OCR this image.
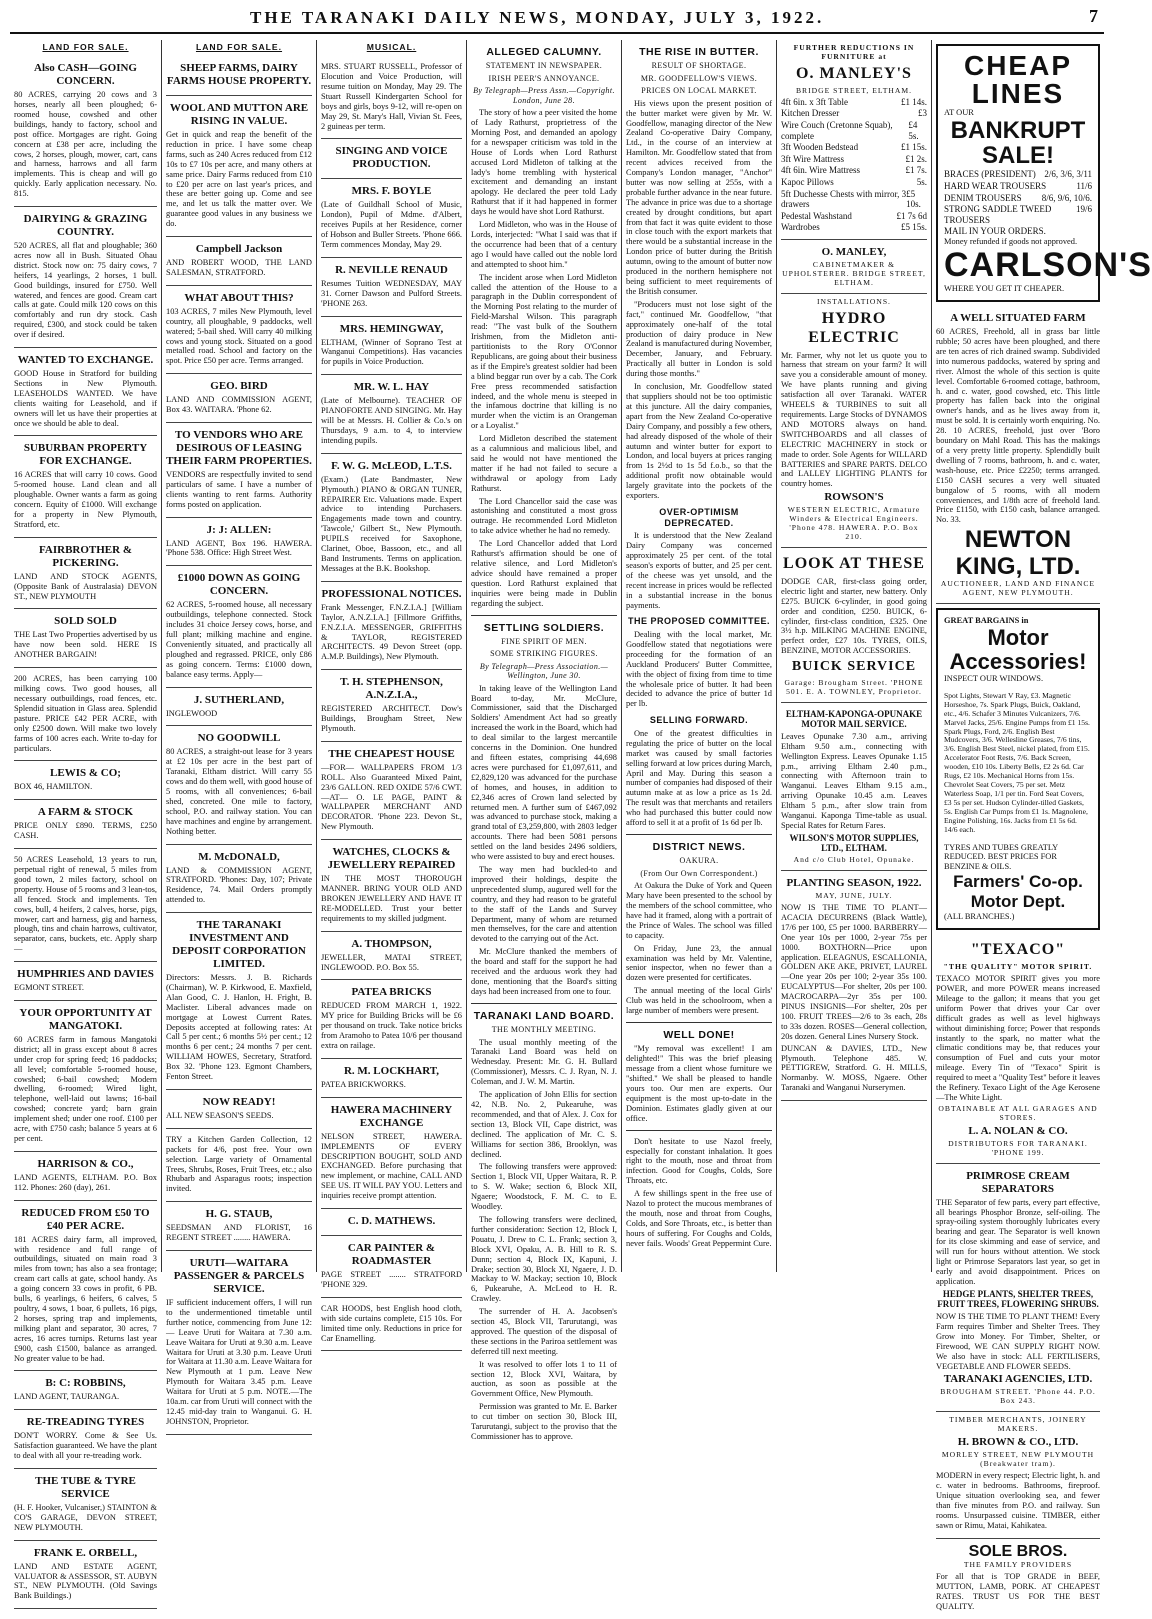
THE TARANAKI DAILY NEWS, MONDAY, JULY 3, 1922.	7
LAND FOR SALE.
Also CASH—GOING CONCERN.

80 ACRES, carrying 20 cows and 3 horses, nearly all been ploughed; 6-roomed house, cowshed and other buildings, handy to factory, school and post office. Mortgages are right. Going concern at £38 per acre, including the cows, 2 horses, plough, mower, cart, cans and harness, harrows and all farm implements. This is cheap and will go quickly. Early application necessary. No. 815.

DAIRYING & GRAZING COUNTRY.

520 ACRES, all flat and ploughable; 360 acres now all in Bush. Situated Ohau district. Stock now on: 75 dairy cows, 7 heifers, 14 yearlings, 2 horses, 1 bull. Good buildings, insured for £750. Well watered, and fences are good. Cream cart calls at gate. Could milk 120 cows on this comfortably and run dry stock. Cash required, £300, and stock could be taken over if desired.

WANTED TO EXCHANGE.

GOOD House in Stratford for building Sections in New Plymouth. LEASEHOLDS WANTED. We have clients waiting for Leasehold, and if owners will let us have their properties at once we should be able to deal.

SUBURBAN PROPERTY FOR EXCHANGE.

16 ACRES that will carry 10 cows. Good 5-roomed house. Land clean and all ploughable. Owner wants a farm as going concern. Equity of £1000. Will exchange for a property in New Plymouth, Stratford, etc.

FAIRBROTHER & PICKERING.

LAND AND STOCK AGENTS, (Opposite Bank of Australasia) DEVON ST., NEW PLYMOUTH

SOLD SOLD

THE Last Two Properties advertised by us have now been sold. HERE IS ANOTHER BARGAIN!

200 ACRES, has been carrying 100 milking cows. Two good houses, all necessary outbuildings, road fences, etc. Splendid situation in Glass area. Splendid pasture. PRICE £42 PER ACRE, with only £2500 down. Will make two lovely farms of 100 acres each. Write to-day for particulars.

LEWIS & CO;

BOX 46, HAMILTON.

A FARM & STOCK

PRICE ONLY £890. TERMS, £250 CASH.

50 ACRES Leasehold, 13 years to run, perpetual right of renewal, 5 miles from good town, 2 miles factory, school on property. House of 5 rooms and 3 lean-tos, all fenced. Stock and implements. Ten cows, bull, 4 heifers, 2 calves, horse, pigs, mower, cart and harness, gig and harness, plough, tins and chain harrows, cultivator, separator, cans, buckets, etc. Apply sharp—

HUMPHRIES AND DAVIES

EGMONT STREET.

YOUR OPPORTUNITY AT MANGATOKI.

60 ACRES farm in famous Mangatoki district; all in grass except about 8 acres under crop for spring feed; 16 paddocks; all level; comfortable 5-roomed house, cowshed; 6-bail cowshed; Modern dwelling, 6-roomed; Wired light, telephone, well-laid out lawns; 16-bail cowshed; concrete yard; barn grain implement shed; under one roof. £100 per acre, with £750 cash; balance 5 years at 6 per cent.

HARRISON & CO.,

LAND AGENTS, ELTHAM. P.O. Box 112. Phones: 260 (day), 261.

REDUCED FROM £50 TO £40 PER ACRE.

181 ACRES dairy farm, all improved, with residence and full range of outbuildings, situated on main road 3 miles from town; has also a sea frontage; cream cart calls at gate, school handy. As a going concern 33 cows in profit, 6 PB. bulls, 6 yearlings, 6 heifers, 6 calves, 5 poultry, 4 sows, 1 boar, 6 pullets, 16 pigs, 2 horses, spring trap and implements, milking plant and separator, 30 acres, 7 acres, 16 acres turnips. Returns last year £900, cash £1500, balance as arranged. No greater value to be had.

B: C: ROBBINS,

LAND AGENT, TAURANGA.

RE-TREADING TYRES

DON'T WORRY. Come & See Us. Satisfaction guaranteed. We have the plant to deal with all your re-treading work.

THE TUBE & TYRE SERVICE

(H. F. Hooker, Vulcaniser,) STAINTON & CO'S GARAGE, DEVON STREET, NEW PLYMOUTH.

FRANK E. ORBELL,

LAND AND ESTATE AGENT, VALUATOR & ASSESSOR, ST. AUBYN ST., NEW PLYMOUTH. (Old Savings Bank Buildings.)

LAND FOR SALE.
SHEEP FARMS, DAIRY FARMS HOUSE PROPERTY.
WOOL AND MUTTON ARE RISING IN VALUE.

Get in quick and reap the benefit of the reduction in price. I have some cheap farms, such as 240 Acres reduced from £12 10s to £7 10s per acre, and many others at same price. Dairy Farms reduced from £10 to £20 per acre on last year's prices, and these are better going up. Come and see me, and let us talk the matter over. We guarantee good values in any business we do.

Campbell Jackson

AND ROBERT WOOD, THE LAND SALESMAN, STRATFORD.

WHAT ABOUT THIS?

103 ACRES, 7 miles New Plymouth, level country, all ploughable, 9 paddocks, well watered; 5-bail shed. Will carry 40 milking cows and young stock. Situated on a good metalled road. School and factory on the spot. Price £50 per acre. Terms arranged.

GEO. BIRD

LAND AND COMMISSION AGENT, Box 43. WAITARA. 'Phone 62.

TO VENDORS WHO ARE DESIROUS OF LEASING THEIR FARM PROPERTIES.

VENDORS are respectfully invited to send particulars of same. I have a number of clients wanting to rent farms. Authority forms posted on application.

J: J: ALLEN:

LAND AGENT, Box 196. HAWERA. 'Phone 538. Office: High Street West.

£1000 DOWN AS GOING CONCERN.

62 ACRES, 5-roomed house, all necessary outbuildings, telephone connected. Stock includes 31 choice Jersey cows, horse, and full plant; milking machine and engine. Conveniently situated, and practically all ploughed and regrassed. PRICE, only £86 as going concern. Terms: £1000 down, balance easy terms. Apply—

J. SUTHERLAND,

INGLEWOOD

NO GOODWILL

80 ACRES, a straight-out lease for 3 years at £2 10s per acre in the best part of Taranaki, Eltham district. Will carry 55 cows and do them well, with good house of 5 rooms, with all conveniences; 6-bail shed, concreted. One mile to factory, school, P.O. and railway station. You can have machines and engine by arrangement. Nothing better.

M. McDONALD,

LAND & COMMISSION AGENT, STRATFORD. 'Phones: Day, 107; Private Residence, 74. Mail Orders promptly attended to.

THE TARANAKI INVESTMENT AND DEPOSIT CORPORATION LIMITED.

Directors: Messrs. J. B. Richards (Chairman), W. P. Kirkwood, E. Maxfield, Alan Good, C. J. Hanlon, H. Fright, B. Maclister. Liberal advances made on mortgage at Lowest Current Rates. Deposits accepted at following rates: At Call 5 per cent.; 6 months 5½ per cent.; 12 months 6 per cent.; 24 months 7 per cent. WILLIAM HOWES, Secretary, Stratford. Box 32. 'Phone 123. Egmont Chambers, Fenton Street.

NOW READY!

ALL NEW SEASON'S SEEDS.

TRY a Kitchen Garden Collection, 12 packets for 4/6, post free. Your own selection. Large variety of Ornamental Trees, Shrubs, Roses, Fruit Trees, etc.; also Rhubarb and Asparagus roots; inspection invited.

H. G. STAUB,

SEEDSMAN AND FLORIST, 16 REGENT STREET ........ HAWERA.

URUTI—WAITARA PASSENGER & PARCELS SERVICE.

IF sufficient inducement offers, I will run to the undermentioned timetable until further notice, commencing from June 12:— Leave Uruti for Waitara at 7.30 a.m. Leave Waitara for Uruti at 9.30 a.m. Leave Waitara for Uruti at 3.30 p.m. Leave Uruti for Waitara at 11.30 a.m. Leave Waitara for New Plymouth at 1 p.m. Leave New Plymouth for Waitara 3.45 p.m. Leave Waitara for Uruti at 5 p.m. NOTE.—The 10a.m. car from Uruti will connect with the 12.45 mid-day train to Wanganui. G. H. JOHNSTON, Proprietor.

MUSICAL.

MRS. STUART RUSSELL, Professor of Elocution and Voice Production, will resume tuition on Monday, May 29. The Stuart Russell Kindergarten School for boys and girls, boys 9-12, will re-open on May 29, St. Mary's Hall, Vivian St. Fees, 2 guineas per term.

SINGING AND VOICE PRODUCTION.
MRS. F. BOYLE

(Late of Guildhall School of Music, London), Pupil of Mdme. d'Albert, receives Pupils at her Residence, corner of Hobson and Buller Streets. 'Phone 666. Term commences Monday, May 29.

R. NEVILLE RENAUD

Resumes Tuition WEDNESDAY, MAY 31. Corner Dawson and Pulford Streets. 'PHONE 263.

MRS. HEMINGWAY,

ELTHAM, (Winner of Soprano Test at Wanganui Competitions). Has vacancies for pupils in Voice Production.

MR. W. L. HAY

(Late of Melbourne). TEACHER OF PIANOFORTE AND SINGING. Mr. Hay will be at Messrs. H. Collier & Co.'s on Thursdays, 9 a.m. to 4, to interview intending pupils.

F. W. G. McLEOD, L.T.S.

(Exam.) (Late Bandmaster, New Plymouth.) PIANO & ORGAN TUNER, REPAIRER Etc. Valuations made. Expert advice to intending Purchasers. Engagements made town and country. 'Tawcole,' Gilbert St., New Plymouth. PUPILS received for Saxophone, Clarinet, Oboe, Bassoon, etc., and all Band Instruments. Terms on application. Messages at the B.K. Bookshop.

PROFESSIONAL NOTICES.

Frank Messenger, F.N.Z.I.A.] [William Taylor, A.N.Z.I.A.] [Fillmore Griffiths, F.N.Z.I.A. MESSENGER, GRIFFITHS & TAYLOR, REGISTERED ARCHITECTS. 49 Devon Street (opp. A.M.P. Buildings), New Plymouth.

T. H. STEPHENSON, A.N.Z.I.A.,

REGISTERED ARCHITECT. Dow's Buildings, Brougham Street, New Plymouth.

THE CHEAPEST HOUSE

—FOR— WALLPAPERS FROM 1/3 ROLL. Also Guaranteed Mixed Paint, 23/6 GALLON. RED OXIDE 57/6 CWT. —AT— O. LE PAGE, PAINT & WALLPAPER MERCHANT AND DECORATOR. 'Phone 223. Devon St., New Plymouth.

WATCHES, CLOCKS & JEWELLERY REPAIRED

IN THE MOST THOROUGH MANNER. BRING YOUR OLD AND BROKEN JEWELLERY AND HAVE IT RE-MODELLED. Trust your better requirements to my skilled judgment.

A. THOMPSON,

JEWELLER, MATAI STREET, INGLEWOOD. P.O. Box 55.

PATEA BRICKS

REDUCED FROM MARCH 1, 1922. MY price for Building Bricks will be £6 per thousand on truck. Take notice bricks from Aramoho to Patea 10/6 per thousand extra on railage.

R. M. LOCKHART,

PATEA BRICKWORKS.

HAWERA MACHINERY EXCHANGE

NELSON STREET, HAWERA. IMPLEMENTS OF EVERY DESCRIPTION BOUGHT, SOLD AND EXCHANGED. Before purchasing that new implement, or machine, CALL AND SEE US. IT WILL PAY YOU. Letters and inquiries receive prompt attention.

C. D. MATHEWS.
CAR PAINTER & ROADMASTER

PAGE STREET ........ STRATFORD 'PHONE 329.

CAR HOODS, best English hood cloth, with side curtains complete, £15 10s. For limited time only. Reductions in price for Car Enamelling.

ALLEGED CALUMNY.
STATEMENT IN NEWSPAPER.
IRISH PEER'S ANNOYANCE.
By Telegraph—Press Assn.—Copyright. London, June 28.

The story of how a peer visited the home of Lady Rathurst, proprietress of the Morning Post, and demanded an apology for a newspaper criticism was told in the House of Lords when Lord Rathurst accused Lord Midleton of talking at the lady's home trembling with hysterical excitement and demanding an instant apology. He declared the peer told Lady Rathurst that if it had happened in former days he would have shot Lord Rathurst.

Lord Midleton, who was in the House of Lords, interjected: "What I said was that if the occurrence had been that of a century ago I would have called out the noble lord and attempted to shoot him."

The incident arose when Lord Midleton called the attention of the House to a paragraph in the Dublin correspondent of the Morning Post relating to the murder of Field-Marshal Wilson. This paragraph read: "The vast bulk of the Southern Irishmen, from the Midleton anti-partitionists to the Rory O'Connor Republicans, are going about their business as if the Empire's greatest soldier had been a blind beggar run over by a cab. The Cork Free press recommended satisfaction indeed, and the whole menu is steeped in the infamous doctrine that killing is no murder when the victim is an Orangeman or a Loyalist."

Lord Midleton described the statement as a calumnious and malicious libel, and said he would not have mentioned the matter if he had not failed to secure a withdrawal or apology from Lady Rathurst.

The Lord Chancellor said the case was astonishing and constituted a most gross outrage. He recommended Lord Midleton to take advice whether he had no remedy.

The Lord Chancellor added that Lord Rathurst's affirmation should be one of relative silence, and Lord Midleton's advice should have remained a proper question. Lord Rathurst explained that inquiries were being made in Dublin regarding the subject.

SETTLING SOLDIERS.
FINE SPIRIT OF MEN.
SOME STRIKING FIGURES.
By Telegraph—Press Association.— Wellington, June 30.

In taking leave of the Wellington Land Board to-day, Mr. McClure, Commissioner, said that the Discharged Soldiers' Amendment Act had so greatly increased the work in the Board, which had to deal similar to the largest mercantile concerns in the Dominion. One hundred and fifteen estates, comprising 44,698 acres were purchased for £1,097,611, and £2,829,120 was advanced for the purchase of homes, and houses, in addition to £2,346 acres of Crown land selected by returned men. A further sum of £467,092 was advanced to purchase stock, making a grand total of £3,259,800, with 2803 ledger accounts. There had been 5081 persons settled on the land besides 2496 soldiers, who were assisted to buy and erect houses.

The way men had buckled-to and improved their holdings, despite the unprecedented slump, augured well for the country, and they had reason to be grateful to the staff of the Lands and Survey Department, many of whom are returned men themselves, for the care and attention devoted to the carrying out of the Act.

Mr. McClure thanked the members of the board and staff for the support he had received and the arduous work they had done, mentioning that the Board's sitting days had been increased from one to four.

TARANAKI LAND BOARD.
THE MONTHLY MEETING.

The usual monthly meeting of the Taranaki Land Board was held on Wednesday. Present: Mr. G. H. Bullard (Commissioner), Messrs. C. J. Ryan, N. J. Coleman, and J. W. M. Martin.

The application of John Ellis for section 42, N.B. No. 2, Pukearuhe, was recommended, and that of Alex. J. Cox for section 13, Block VII, Cape district, was declined. The application of Mr. C. S. Williams for section 386, Brooklyn, was declined.

The following transfers were approved: Section 1, Block VII, Upper Waitara, R. P. to S. W. Wake; section 6, Block XII, Ngaere; Woodstock, F. M. C. to E. Woodley.

The following transfers were declined, further consideration: Section 12, Block I, Pouatu, J. Drew to C. L. Frank; section 3, Block XVI, Opaku, A. B. Hill to R. S. Dunn; section 4, Block IX, Kapuni, J. Drake; section 30, Block XI, Ngaere, J. D. Mackay to W. Mackay; section 10, Block 6, Pukearuhe, A. McLeod to H. R. Crawley.

The surrender of H. A. Jacobsen's section 45, Block VII, Tarurutangi, was approved. The question of the disposal of these sections in the Pariroa settlement was deferred till next meeting.

It was resolved to offer lots 1 to 11 of section 12, Block XVI, Waitara, by auction, as soon as possible at the Government Office, New Plymouth.

Permission was granted to Mr. E. Barker to cut timber on section 30, Block III, Tarurutangi, subject to the proviso that the Commissioner has to approve.

THE RISE IN BUTTER.
RESULT OF SHORTAGE.
MR. GOODFELLOW'S VIEWS.
PRICES ON LOCAL MARKET.

His views upon the present position of the butter market were given by Mr. W. Goodfellow, managing director of the New Zealand Co-operative Dairy Company, Ltd., in the course of an interview at Hamilton. Mr. Goodfellow stated that from recent advices received from the Company's London manager, "Anchor" butter was now selling at 255s, with a probable further advance in the near future. The advance in price was due to a shortage created by drought conditions, but apart from that fact it was quite evident to those in close touch with the export markets that there would be a substantial increase in the London price of butter during the British autumn, owing to the amount of butter now produced in the northern hemisphere not being sufficient to meet requirements of the British consumer.

"Producers must not lose sight of the fact," continued Mr. Goodfellow, "that approximately one-half of the total production of dairy produce in New Zealand is manufactured during November, December, January, and February. Practically all butter in London is sold during those months."

In conclusion, Mr. Goodfellow stated that suppliers should not be too optimistic at this juncture. All the dairy companies, apart from the New Zealand Co-operative Dairy Company, and possibly a few others, had already disposed of the whole of their autumn and winter butter for export to London, and local buyers at prices ranging from 1s 2½d to 1s 5d f.o.b., so that the additional profit now obtainable would largely gravitate into the pockets of the exporters.

OVER-OPTIMISM DEPRECATED.

It is understood that the New Zealand Dairy Company was concerned approximately 25 per cent. of the total season's exports of butter, and 25 per cent. of the cheese was yet unsold, and the recent increase in prices would be reflected in a substantial increase in the bonus payments.

THE PROPOSED COMMITTEE.

Dealing with the local market, Mr. Goodfellow stated that negotiations were proceeding for the formation of an Auckland Producers' Butter Committee, with the object of fixing from time to time the wholesale price of butter. It had been decided to advance the price of butter 1d per lb.

SELLING FORWARD.

One of the greatest difficulties in regulating the price of butter on the local market was caused by small factories selling forward at low prices during March, April and May. During this season a number of companies had disposed of their autumn make at as low a price as 1s 2d. The result was that merchants and retailers who had purchased this butter could now afford to sell it at a profit of 1s 6d per lb.

DISTRICT NEWS.
OAKURA.
(From Our Own Correspondent.)

At Oakura the Duke of York and Queen Mary have been presented to the school by the members of the school committee, who have had it framed, along with a portrait of the Prince of Wales. The school was filled to capacity.

On Friday, June 23, the annual examination was held by Mr. Valentine, senior inspector, when no fewer than a dozen were presented for certificates.

The annual meeting of the local Girls' Club was held in the schoolroom, when a large number of members were present.

WELL DONE!

"My removal was excellent! I am delighted!" This was the brief pleasing message from a client whose furniture we "shifted." We shall be pleased to handle yours too. Our men are experts. Our equipment is the most up-to-date in the Dominion. Estimates gladly given at our office.

Don't hesitate to use Nazol freely, especially for constant inhalation. It goes right to the mouth, nose and throat from infection. Good for Coughs, Colds, Sore Throats, etc.

A few shillings spent in the free use of Nazol to protect the mucous membranes of the mouth, nose and throat from Coughs, Colds, and Sore Throats, etc., is better than hours of suffering. For Coughs and Colds, never fails. Woods' Great Peppermint Cure.

FURTHER REDUCTIONS IN FURNITURE at
O. MANLEY'S
BRIDGE STREET, ELTHAM.
4ft 6in. x 3ft Table	£1 14s.
Kitchen Dresser	£3
Wire Couch (Cretonne Squab), complete
£4 5s.
3ft Wooden Bedstead	£1 15s.
3ft Wire Mattress	£1 2s.
4ft 6in. Wire Mattress	£1 7s.
Kapoc Pillows	5s.
5ft Duchesse Chests with mirror, 3 drawers
£5 10s.
Pedestal Washstand	£1 7s 6d
Wardrobes	£5 15s.
O. MANLEY,
CABINETMAKER & UPHOLSTERER. BRIDGE STREET, ELTHAM.
INSTALLATIONS.
HYDRO ELECTRIC

Mr. Farmer, why not let us quote you to harness that stream on your farm? It will save you a considerable amount of money. We have plants running and giving satisfaction all over Taranaki. WATER WHEELS & TURBINES to suit all requirements. Large Stocks of DYNAMOS AND MOTORS always on hand. SWITCHBOARDS and all classes of ELECTRIC MACHINERY in stock or made to order. Sole Agents for WILLARD BATTERIES and SPARE PARTS. DELCO and LALLEY LIGHTING PLANTS for country homes.

ROWSON'S
WESTERN ELECTRIC, Armature Winders & Electrical Engineers. 'Phone 478. HAWERA. P.O. Box 210.
LOOK AT THESE

DODGE CAR, first-class going order, electric light and starter, new battery. Only £275. BUICK 6-cylinder, in good going order and condition, £250. BUICK, 6-cylinder, first-class condition, £325. One 3½ h.p. MILKING MACHINE ENGINE, perfect order, £27 10s. TYRES, OILS, BENZINE, MOTOR ACCESSORIES.

BUICK SERVICE
Garage: Brougham Street. 'PHONE 501. E. A. TOWNLEY, Proprietor.
ELTHAM-KAPONGA-OPUNAKE MOTOR MAIL SERVICE.

Leaves Opunake 7.30 a.m., arriving Eltham 9.50 a.m., connecting with Wellington Express. Leaves Opunake 1.15 p.m., arriving Eltham 2.40 p.m., connecting with Afternoon train to Wanganui. Leaves Eltham 9.15 a.m., arriving Opunake 10.45 a.m. Leaves Eltham 5 p.m., after slow train from Wanganui. Kaponga Time-table as usual. Special Rates for Return Fares.

WILSON'S MOTOR SUPPLIES, LTD., ELTHAM.
And c/o Club Hotel, Opunake.
PLANTING SEASON, 1922.
MAY, JUNE, JULY.

NOW IS THE TIME TO PLANT— ACACIA DECURRENS (Black Wattle), 17/6 per 100, £5 per 1000. BARBERRY—One year 10s per 1000, 2-year 75s per 1000. BOXTHORN—Price upon application. ELEAGNUS, ESCALLONIA, GOLDEN AKE AKE, PRIVET, LAUREL—One year 20s per 100; 2-year 35s 100. EUCALYPTUS—For shelter, 20s per 100. MACROCARPA—2yr 35s per 100. PINUS INSIGNIS—For shelter, 20s per 100. FRUIT TREES—2/6 to 3s each, 28s to 33s dozen. ROSES—General collection, 20s dozen. General Lines Nursery Stock.

DUNCAN & DAVIES, LTD., New Plymouth. Telephone 485. W. PETTIGREW, Stratford. G. H. MILLS, Normanby. W. MOSS, Ngaere. Other Taranaki and Wanganui Nurserymen.

CHEAP LINES
AT OUR
BANKRUPT SALE!
BRACES (PRESIDENT) 2/6, 3/6, 3/11
HARD WEAR TROUSERS	11/6
DENIM TROUSERS 8/6, 9/6, 10/6.
STRONG SADDLE TWEED TROUSERS
19/6
MAIL IN YOUR ORDERS.
Money refunded if goods not approved.
CARLSON'S
WHERE YOU GET IT CHEAPER.
A WELL SITUATED FARM

60 ACRES, Freehold, all in grass bar little rubble; 50 acres have been ploughed, and there are ten acres of rich drained swamp. Subdivided into numerous paddocks, watered by spring and river. Almost the whole of this section is quite level. Comfortable 6-roomed cottage, bathroom, h. and c. water, good cowshed, etc. This little property has fallen back into the original owner's hands, and as he lives away from it, must be sold. It is certainly worth enquiring. No. 28. 10 ACRES, freehold, just over 'Boro boundary on Mahl Road. This has the makings of a very pretty little property. Splendidly built dwelling of 7 rooms, bathroom, h. and c. water, wash-house, etc. Price £2250; terms arranged. £150 CASH secures a very well situated bungalow of 5 rooms, with all modern conveniences, and 1/8th acre of freehold land. Price £1150, with £150 cash, balance arranged. No. 33.

NEWTON KING, LTD.
AUCTIONEER, LAND AND FINANCE AGENT, NEW PLYMOUTH.
GREAT BARGAINS in
Motor Accessories!
INSPECT OUR WINDOWS.

Spot Lights, Stewart V Ray, £3. Magnetic Horseshoe, 7s. Spark Plugs, Buick, Oakland, etc., 4/6. Schafer 3 Minutes Vulcanizers, 7/6. Marvel Jacks, 25/6. Engine Pumps from £1 15s. Spark Plugs, Ford, 2/6. English Best Mudcovers, 3/6. Wellesline Greases, 7/6 tins, 3/6. English Best Steel, nickel plated, from £15. Accelerator Foot Rests, 7/6. Back Screen, wooden, £10 10s. Liberty Bells, £2 2s 6d. Car Rugs, £2 10s. Mechanical Horns from 15s. Chevrolet Seat Covers, 75 per set. Metz Waterless Soap, 1/1 per tin. Ford Seat Covers, £3 5s per set. Hudson Cylinder-tilled Gaskets, 5s. English Car Pumps from £1 1s. Magnolene, Engine Polishing, 16s. Jacks from £1 5s 6d. 14/6 each.

TYRES AND TUBES GREATLY REDUCED. BEST PRICES FOR BENZINE & OILS.
Farmers' Co-op. Motor Dept.
(ALL BRANCHES.)
"TEXACO"
"THE QUALITY" MOTOR SPIRIT.

TEXACO MOTOR SPIRIT gives you more POWER, and more POWER means increased Mileage to the gallon; it means that you get uniform Power that drives your Car over difficult grades as well as level highways without diminishing force; Power that responds instantly to the spark, no matter what the climatic conditions may be, that reduces your consumption of Fuel and cuts your motor mileage. Every Tin of "Texaco" Spirit is required to meet a "Quality Test" before it leaves the Refinery. Texaco Light of the Age Kerosene—The White Light.

OBTAINABLE AT ALL GARAGES AND STORES.
L. A. NOLAN & CO.
DISTRIBUTORS FOR TARANAKI. 'PHONE 199.
PRIMROSE CREAM SEPARATORS

THE Separator of few parts, every part effective, all bearings Phosphor Bronze, self-oiling. The spray-oiling system thoroughly lubricates every bearing and gear. The Separator is well known for its close skimming and ease of service, and will run for hours without attention. We stock light or Primrose Separators last year, so get in early and avoid disappointment. Prices on application.

HEDGE PLANTS, SHELTER TREES, FRUIT TREES, FLOWERING SHRUBS.

NOW IS THE TIME TO PLANT THEM! Every Farm requires Timber and Shelter Trees. They Grow into Money. For Timber, Shelter, or Firewood, WE CAN SUPPLY RIGHT NOW. We also have in stock: ALL FERTILISERS, VEGETABLE AND FLOWER SEEDS.

TARANAKI AGENCIES, LTD.
BROUGHAM STREET. 'Phone 44. P.O. Box 243.
TIMBER MERCHANTS, JOINERY MAKERS.
H. BROWN & CO., LTD.
MORLEY STREET, NEW PLYMOUTH (Breakwater tram).

MODERN in every respect; Electric light, h. and c. water in bedrooms. Bathrooms, fireproof. Unique situation overlooking sea, and fewer than five minutes from P.O. and railway. Sun rooms. Unsurpassed cuisine. TIMBER, either sawn or Rimu, Matai, Kahikatea.

SOLE BROS.
THE FAMILY PROVIDERS

For all that is TOP GRADE in BEEF, MUTTON, LAMB, PORK. AT CHEAPEST RATES. TRUST US FOR THE BEST QUALITY.
